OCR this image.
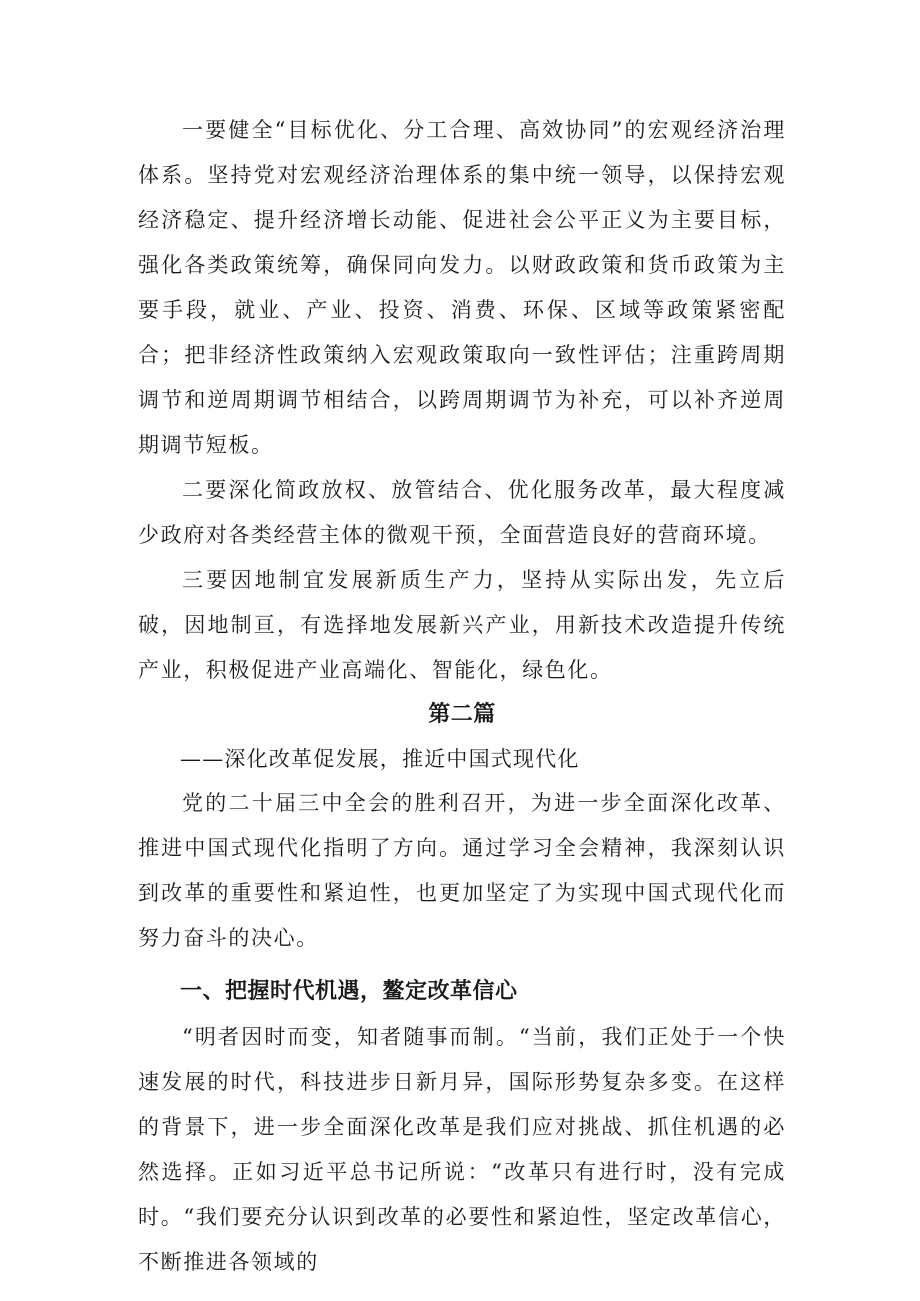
一要健全“目标优化、分工合理、高效协同”的宏观经济治理体系。坚持党对宏观经济治理体系的集中统一领导，以保持宏观经济稳定、提升经济增长动能、促进社会公平正义为主要目标，强化各类政策统筹，确保同向发力。以财政政策和货币政策为主要手段，就业、产业、投资、消费、环保、区域等政策紧密配合；把非经济性政策纳入宏观政策取向一致性评估；注重跨周期调节和逆周期调节相结合，以跨周期调节为补充，可以补齐逆周期调节短板。

二要深化简政放权、放管结合、优化服务改革，最大程度减少政府对各类经营主体的微观干预，全面营造良好的营商环境。

三要因地制宜发展新质生产力，坚持从实际出发，先立后破，因地制亘，有选择地发展新兴产业，用新技术改造提升传统产业，积极促进产业高端化、智能化，绿色化。

第二篇

——深化改革促发展，推近中国式现代化

党的二十届三中全会的胜利召开，为进一步全面深化改革、推进中国式现代化指明了方向。通过学习全会精神，我深刻认识到改革的重要性和紧迫性，也更加坚定了为实现中国式现代化而努力奋斗的决心。

一、把握时代机遇，鳌定改革信心

“明者因时而变，知者随事而制。“当前，我们正处于一个快速发展的时代，科技进步日新月异，国际形势复杂多变。在这样的背景下，进一步全面深化改革是我们应对挑战、抓住机遇的必然选择。正如习近平总书记所说：“改革只有进行时，没有完成时。“我们要充分认识到改革的必要性和紧迫性，坚定改革信心，不断推进各领域的
